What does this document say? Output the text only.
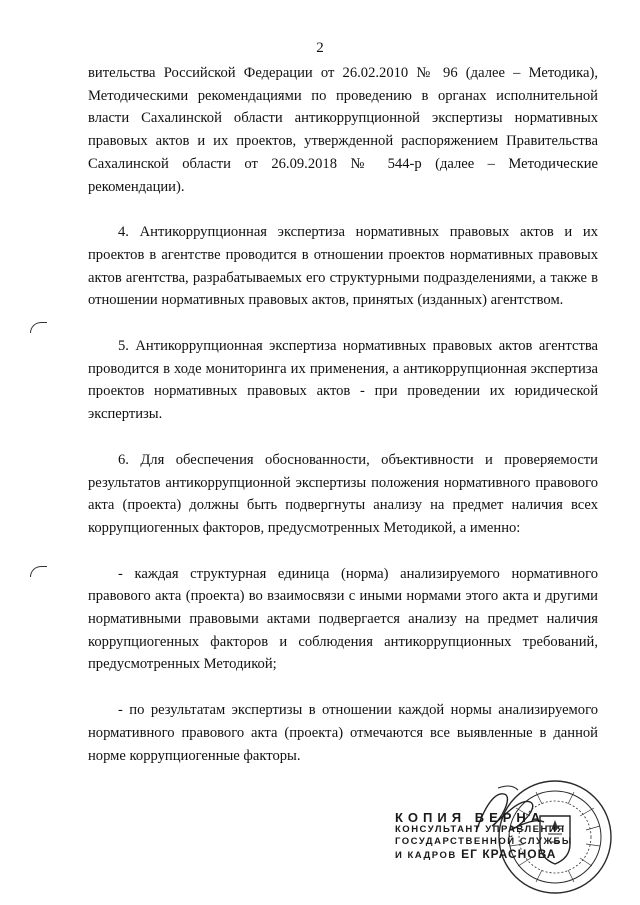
2

вительства Российской Федерации от 26.02.2010 № 96 (далее – Методика), Методическими рекомендациями по проведению в органах исполнительной власти Сахалинской области антикоррупционной экспертизы нормативных правовых актов и их проектов, утвержденной распоряжением Правительства Сахалинской области от 26.09.2018 № 544-р (далее – Методические рекомендации).

4. Антикоррупционная экспертиза нормативных правовых актов и их проектов в агентстве проводится в отношении проектов нормативных правовых актов агентства, разрабатываемых его структурными подразделениями, а также в отношении нормативных правовых актов, принятых (изданных) агентством.

5. Антикоррупционная экспертиза нормативных правовых актов агентства проводится в ходе мониторинга их применения, а антикоррупционная экспертиза проектов нормативных правовых актов - при проведении их юридической экспертизы.

6. Для обеспечения обоснованности, объективности и проверяемости результатов антикоррупционной экспертизы положения нормативного правового акта (проекта) должны быть подвергнуты анализу на предмет наличия всех коррупциогенных факторов, предусмотренных Методикой, а именно:

- каждая структурная единица (норма) анализируемого нормативного правового акта (проекта) во взаимосвязи с иными нормами этого акта и другими нормативными правовыми актами подвергается анализу на предмет наличия коррупциогенных факторов и соблюдения антикоррупционных требований, предусмотренных Методикой;

- по результатам экспертизы в отношении каждой нормы анализируемого нормативного правового акта (проекта) отмечаются все выявленные в данной норме коррупциогенные факторы.

КОПИЯ ВЕРНА
КОНСУЛЬТАНТ УПРАВЛЕНИЯ
ГОСУДАРСТВЕННОЙ СЛУЖБЫ
И КАДРОВ ЕГ КРАСНОВА
